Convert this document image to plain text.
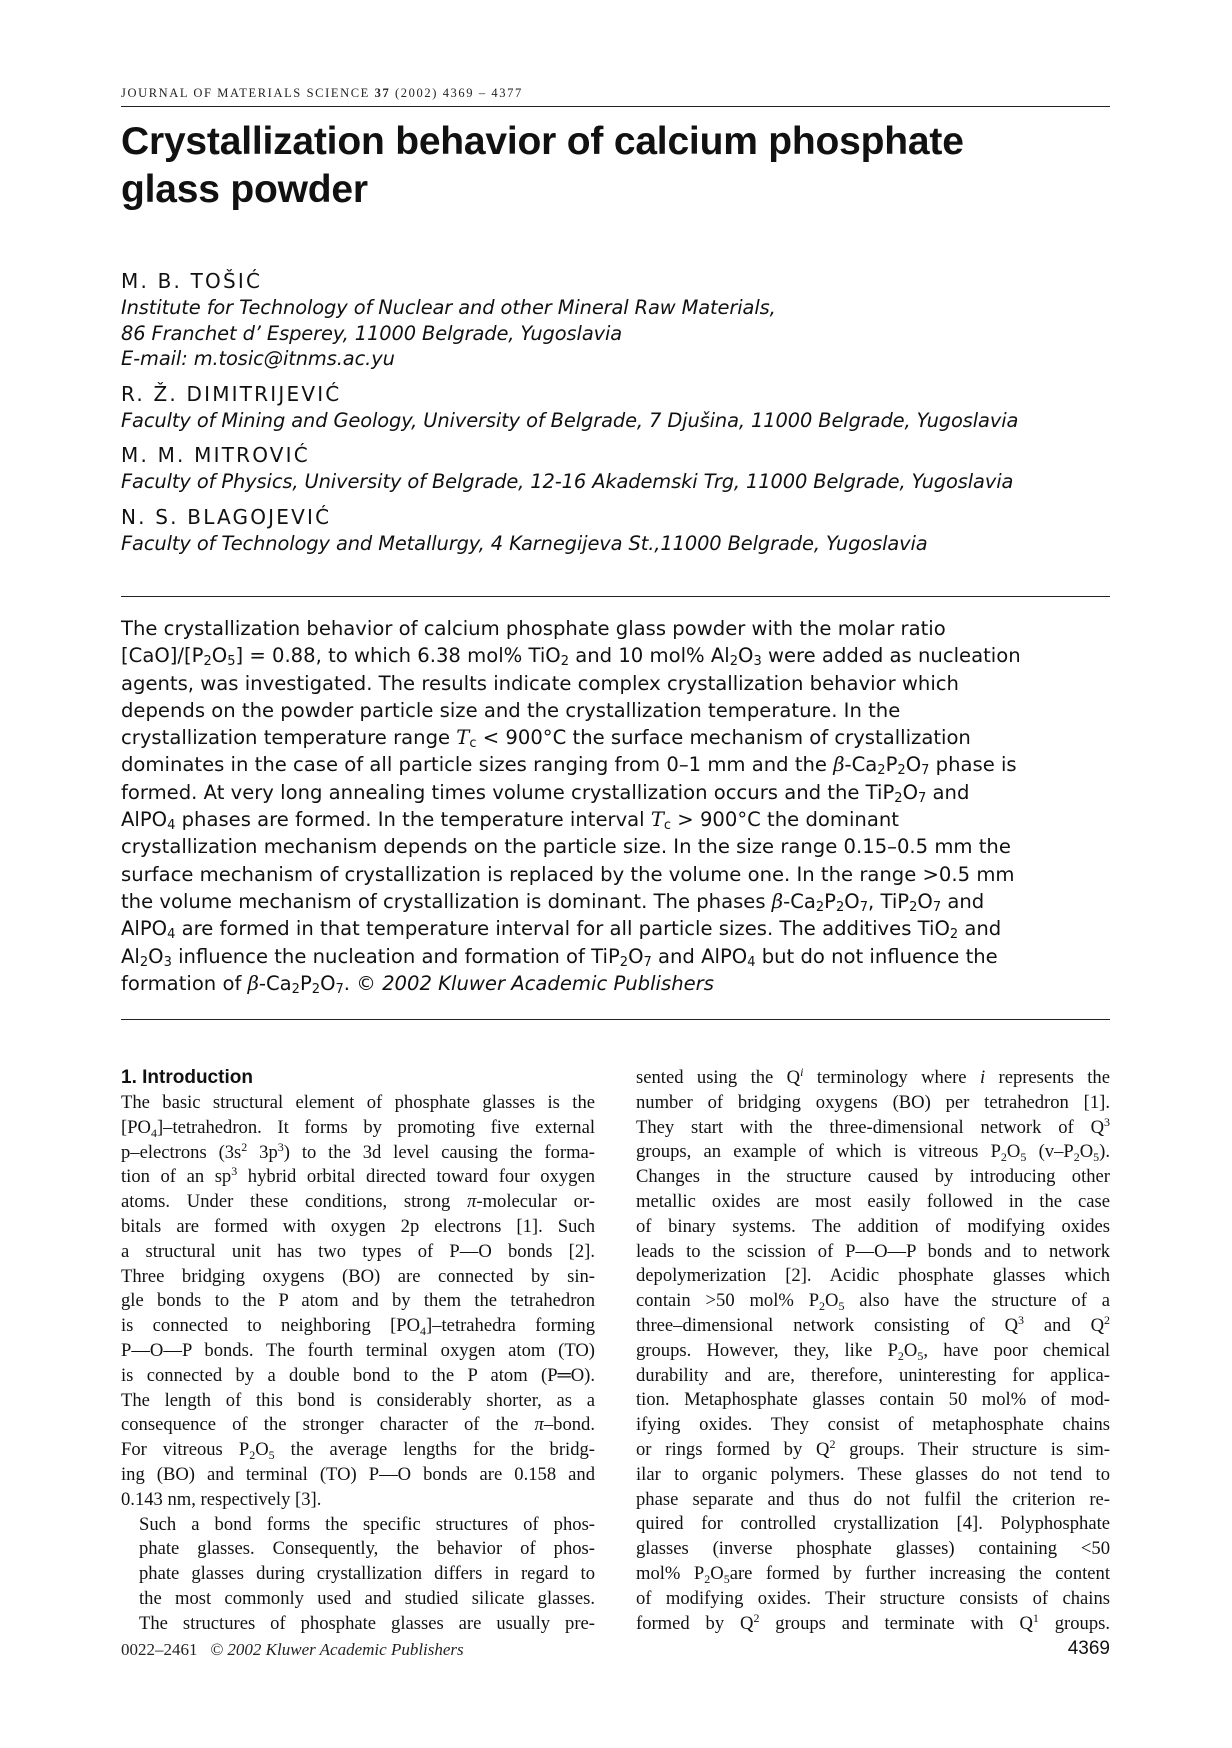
JOURNAL OF MATERIALS SCIENCE 37 (2002) 4369 – 4377
Crystallization behavior of calcium phosphate
glass powder
M. B. TOŠIĆ
Institute for Technology of Nuclear and other Mineral Raw Materials,
86 Franchet d’ Esperey, 11000 Belgrade, Yugoslavia
E-mail: m.tosic@itnms.ac.yu
R. Ž. DIMITRIJEVIĆ
Faculty of Mining and Geology, University of Belgrade, 7 Djušina, 11000 Belgrade, Yugoslavia
M. M. MITROVIĆ
Faculty of Physics, University of Belgrade, 12-16 Akademski Trg, 11000 Belgrade, Yugoslavia
N. S. BLAGOJEVIĆ
Faculty of Technology and Metallurgy, 4 Karnegijeva St.,11000 Belgrade, Yugoslavia
The crystallization behavior of calcium phosphate glass powder with the molar ratio
$[CaO]/[P_2O_5] = 0.88$, to which 6.38 mol% TiO$_2$ and 10 mol% $Al_2O_3$ were added as nucleation
agents, was investigated. The results indicate complex crystallization behavior which
depends on the powder particle size and the crystallization temperature. In the
crystallization temperature range $T_c < 900^\circ C$ the surface mechanism of crystallization
dominates in the case of all particle sizes ranging from 0–1 mm and the $\beta-Ca_2P_2O_7$ phase is
formed. At very long annealing times volume crystallization occurs and the $TiP_2O_7$ and
AlPO$_4$ phases are formed. In the temperature interval $T_c > 900^\circ C$ the dominant
crystallization mechanism depends on the particle size. In the size range 0.15–0.5 mm the
surface mechanism of crystallization is replaced by the volume one. In the range >0.5 mm
the volume mechanism of crystallization is dominant. The phases $\beta-Ca_2P_2O_7$, $TiP_2O_7$ and
AlPO$_4$ are formed in that temperature interval for all particle sizes. The additives TiO$_2$ and
$Al_2O_3$ influence the nucleation and formation of $TiP_2O_7$ and AlPO$_4$ but do not influence the
formation of $\beta-Ca_2P_2O_7$. © 2002 Kluwer Academic Publishers
1. Introduction

The basic structural element of phosphate glasses is the
$[PO_4]$–tetrahedron. It forms by promoting five external
p–electrons ($3s^2$ $3p^3$) to the 3d level causing the forma-
tion of an $sp^3$ hybrid orbital directed toward four oxygen
atoms. Under these conditions, strong π-molecular or-
bitals are formed with oxygen 2p electrons [1]. Such
a structural unit has two types of P—O bonds [2].
Three bridging oxygens (BO) are connected by sin-
gle bonds to the P atom and by them the tetrahedron
is connected to neighboring $[PO_4]$–tetrahedra forming
P—O—P bonds. The fourth terminal oxygen atom (TO)
is connected by a double bond to the P atom (P═O).
The length of this bond is considerably shorter, as a
consequence of the stronger character of the π–bond.
For vitreous $P_2O_5$ the average lengths for the bridg-
ing (BO) and terminal (TO) P—O bonds are 0.158 and
0.143 nm, respectively [3].

Such a bond forms the specific structures of phos-
phate glasses. Consequently, the behavior of phos-
phate glasses during crystallization differs in regard to
the most commonly used and studied silicate glasses.
The structures of phosphate glasses are usually pre-

sented using the $Q^i$ terminology where i represents the
number of bridging oxygens (BO) per tetrahedron [1].
They start with the three-dimensional network of $Q^3$
groups, an example of which is vitreous $P_2O_5$ $(v-P_2O_5)$.
Changes in the structure caused by introducing other
metallic oxides are most easily followed in the case
of binary systems. The addition of modifying oxides
leads to the scission of P—O—P bonds and to network
depolymerization [2]. Acidic phosphate glasses which
contain >50 mol% $P_2O_5$ also have the structure of a
three–dimensional network consisting of $Q^3$ and $Q^2$
groups. However, they, like $P_2O_5$, have poor chemical
durability and are, therefore, uninteresting for applica-
tion. Metaphosphate glasses contain 50 mol% of mod-
ifying oxides. They consist of metaphosphate chains
or rings formed by $Q^2$ groups. Their structure is sim-
ilar to organic polymers. These glasses do not tend to
phase separate and thus do not fulfil the criterion re-
quired for controlled crystallization [4]. Polyphosphate
glasses (inverse phosphate glasses) containing <50
mol% $P_2O_5are$ formed by further increasing the content
of modifying oxides. Their structure consists of chains
formed by $Q^2$ groups and terminate with $Q^1$ groups.

0022–2461 © 2002 Kluwer Academic Publishers	4369
